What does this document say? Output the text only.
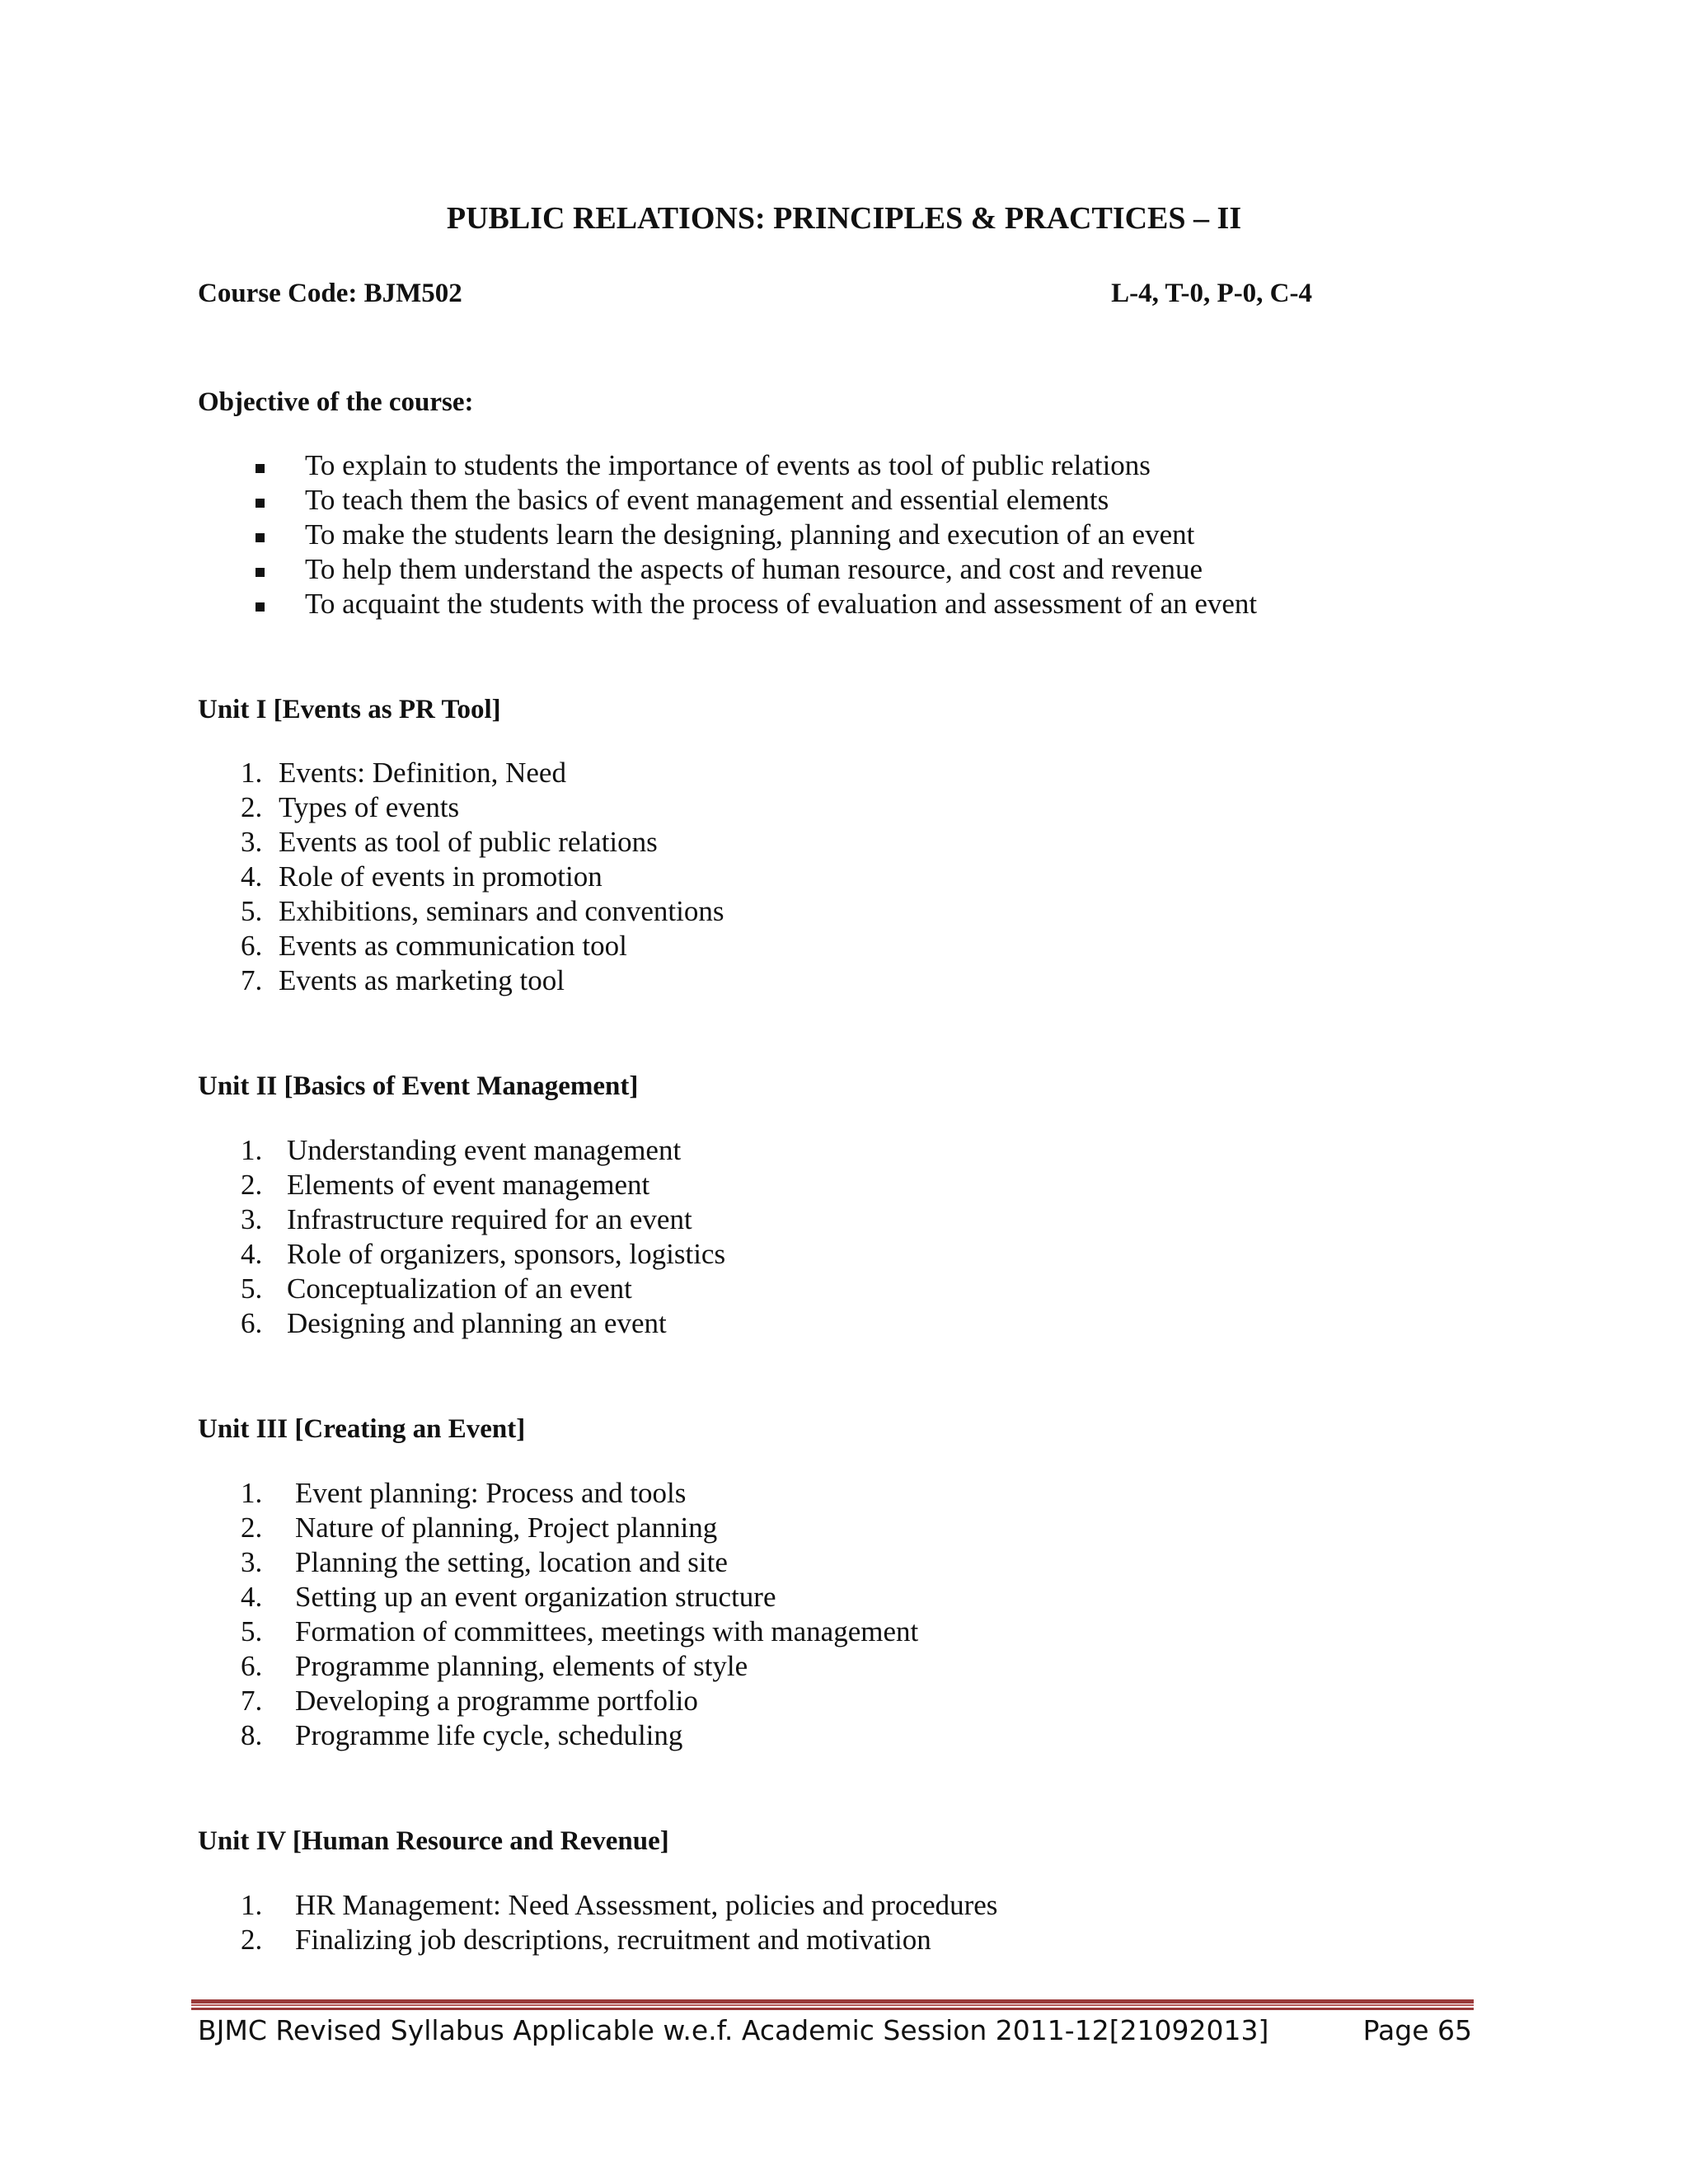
PUBLIC RELATIONS: PRINCIPLES & PRACTICES – II
Course Code: BJM502	L-4, T-0, P-0, C-4
Objective of the course:
To explain to students the importance of events as tool of public relations
To teach them the basics of event management and essential elements
To make the students learn the designing, planning and execution of an event
To help them understand the aspects of human resource, and cost and revenue
To acquaint the students with the process of evaluation and assessment of an event
Unit I [Events as PR Tool]
1. Events: Definition, Need
2. Types of events
3. Events as tool of public relations
4. Role of events in promotion
5. Exhibitions, seminars and conventions
6. Events as communication tool
7. Events as marketing tool
Unit II [Basics of Event Management]
1. Understanding event management
2. Elements of event management
3. Infrastructure required for an event
4. Role of organizers, sponsors, logistics
5. Conceptualization of an event
6. Designing and planning an event
Unit III [Creating an Event]
1. Event planning: Process and tools
2. Nature of planning, Project planning
3. Planning the setting, location and site
4. Setting up an event organization structure
5. Formation of committees, meetings with management
6. Programme planning, elements of style
7. Developing a programme portfolio
8. Programme life cycle, scheduling
Unit IV [Human Resource and Revenue]
1. HR Management: Need Assessment, policies and procedures
2. Finalizing job descriptions, recruitment and motivation
BJMC Revised Syllabus Applicable w.e.f. Academic Session 2011-12[21092013]	Page 65
